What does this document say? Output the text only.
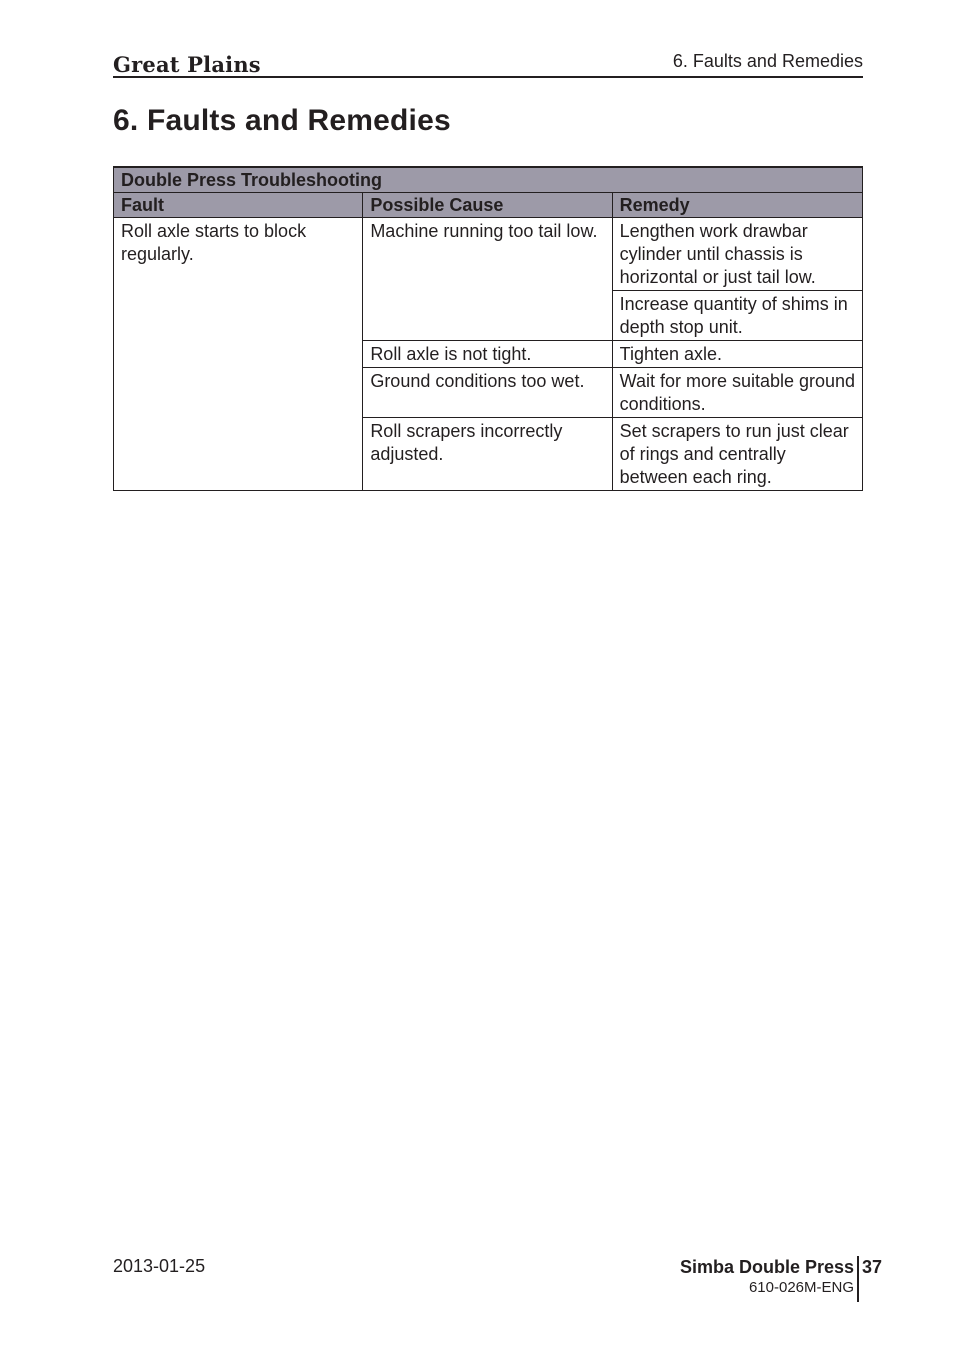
Great Plains	6. Faults and Remedies
6. Faults and Remedies
Double Press Troubleshooting		
Fault	Possible Cause	Remedy
Roll axle starts to block regularly.	Machine running too tail low.	Lengthen work drawbar cylinder until chassis is horizontal or just tail low.
		Increase quantity of shims in depth stop unit.
	Roll axle is not tight.	Tighten axle.
	Ground conditions too wet.	Wait for more suitable ground conditions.
	Roll scrapers incorrectly adjusted.	Set scrapers to run just clear of rings and centrally between each ring.
2013-01-25	Simba Double Press
610-026M-ENG
37
